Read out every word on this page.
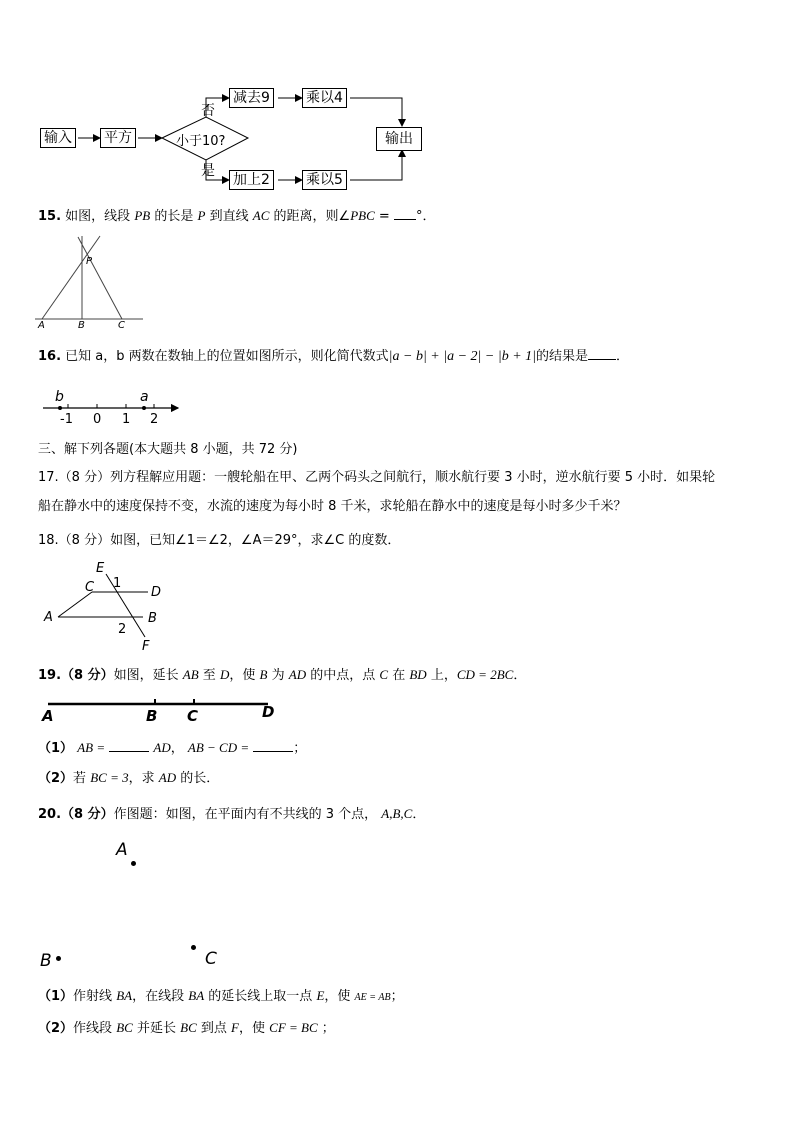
输入 平方	小于10?
否
是
减去9	乘以4
加上2	乘以5
输出
15. 如图，线段 PB 的长是 P 到直线 AC 的距离，则∠PBC = °．
P
A	B	C
16. 已知 a，b 两数在数轴上的位置如图所示，则化简代数式|a − b| + |a − 2| − |b + 1|的结果是 ．
b	a
-1 0 1 2
三、解下列各题(本大题共 8 小题，共 72 分)
17.（8 分）列方程解应用题：一艘轮船在甲、乙两个码头之间航行，顺水航行要 3 小时，逆水航行要 5 小时．如果轮
船在静水中的速度保持不变，水流的速度为每小时 8 千米，求轮船在静水中的速度是每小时多少千米？
18.（8 分）如图，已知∠1＝∠2，∠A＝29°，求∠C 的度数．
E
C 1
D
A	B
2
F
19.（8 分）如图，延长 AB 至 D，使 B 为 AD 的中点，点 C 在 BD 上，CD = 2BC．
A	B C	D
（1） AB =	AD， AB − CD =	；
（2）若 BC = 3，求 AD 的长．
20.（8 分）作图题：如图，在平面内有不共线的 3 个点， A,B,C．
A
B	C
（1）作射线 BA，在线段 BA 的延长线上取一点 E，使 AE = AB；
（2）作线段 BC 并延长 BC 到点 F，使 CF = BC ；
